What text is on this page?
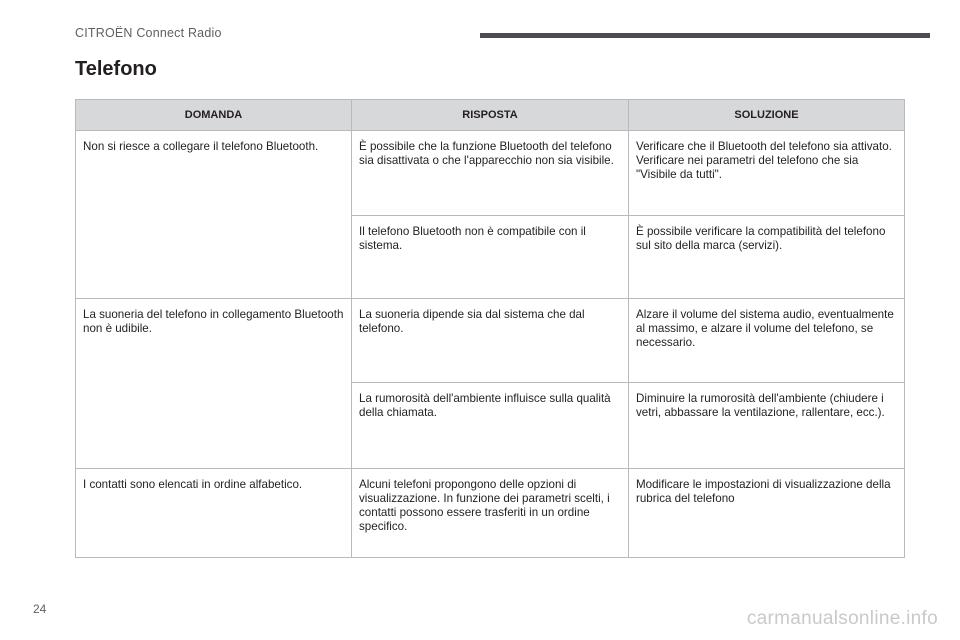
CITROËN Connect Radio
Telefono
DOMANDA	RISPOSTA	SOLUZIONE
Non si riesce a collegare il telefono Bluetooth.	È possibile che la funzione Bluetooth del telefono sia disattivata o che l'apparecchio non sia visibile.	Verificare che il Bluetooth del telefono sia attivato. Verificare nei parametri del telefono che sia "Visibile da tutti".
	Il telefono Bluetooth non è compatibile con il sistema.	È possibile verificare la compatibilità del telefono sul sito della marca (servizi).
La suoneria del telefono in collegamento Bluetooth non è udibile.	La suoneria dipende sia dal sistema che dal telefono.	Alzare il volume del sistema audio, eventualmente al massimo, e alzare il volume del telefono, se necessario.
	La rumorosità dell'ambiente influisce sulla qualità della chiamata.	Diminuire la rumorosità dell'ambiente (chiudere i vetri, abbassare la ventilazione, rallentare, ecc.).
I contatti sono elencati in ordine alfabetico.	Alcuni telefoni propongono delle opzioni di visualizzazione. In funzione dei parametri scelti, i contatti possono essere trasferiti in un ordine specifico.	Modificare le impostazioni di visualizzazione della rubrica del telefono
24	carmanualsonline.info
